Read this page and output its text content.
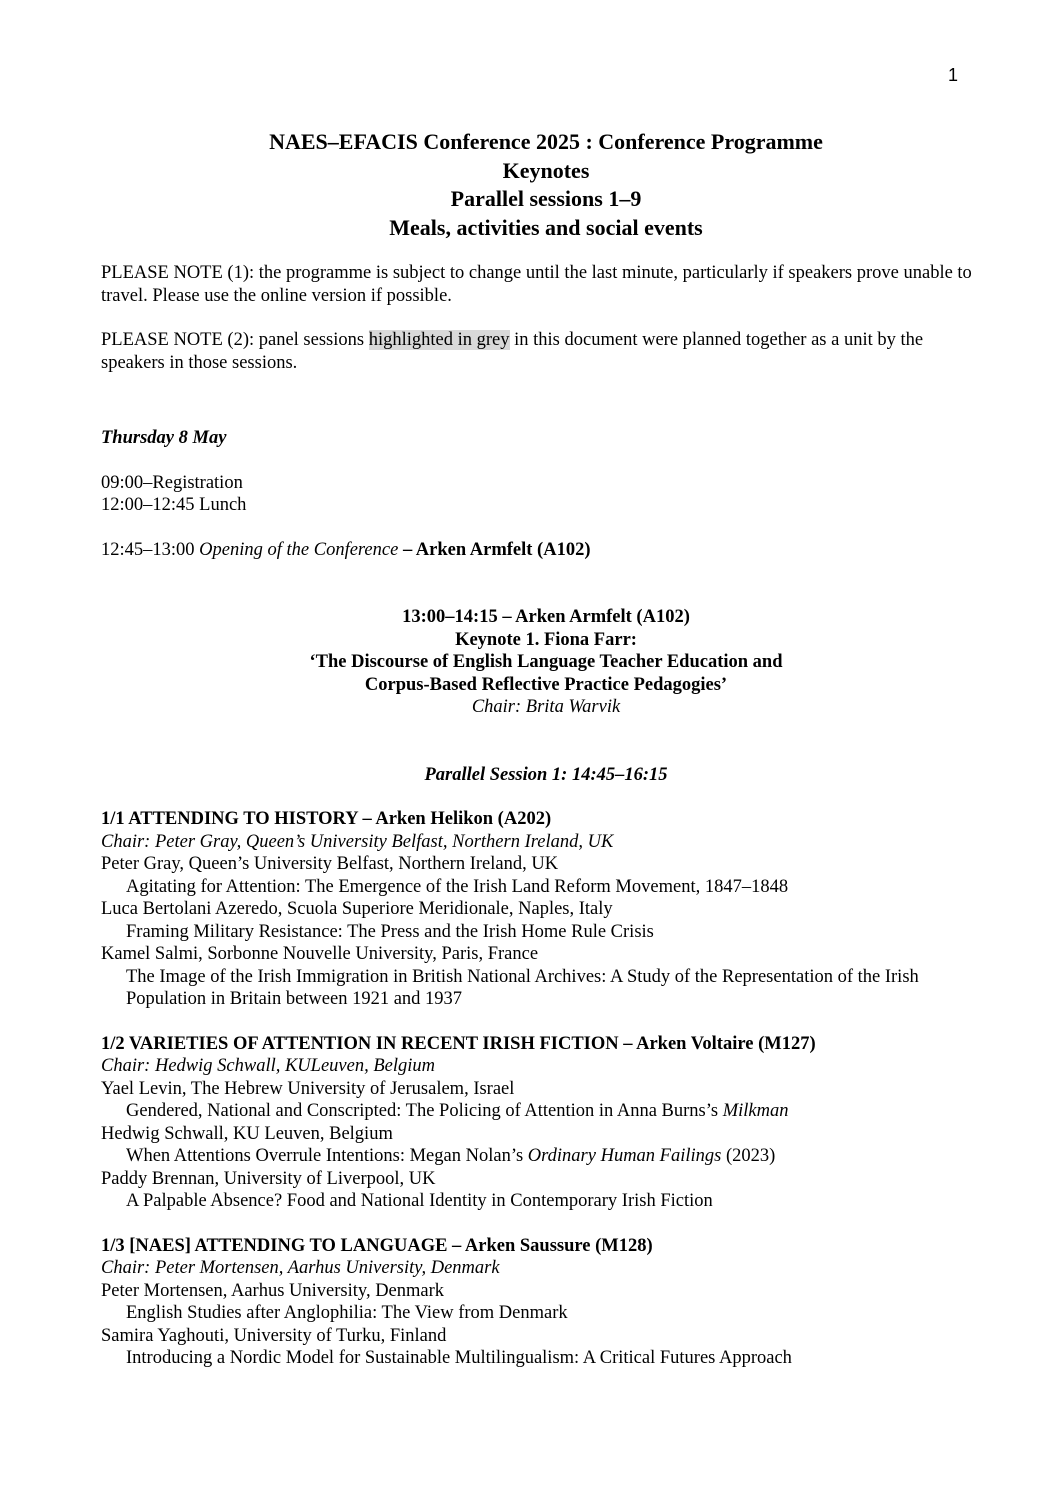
1
NAES–EFACIS Conference 2025 : Conference Programme
Keynotes
Parallel sessions 1–9
Meals, activities and social events

PLEASE NOTE (1): the programme is subject to change until the last minute, particularly if speakers prove unable to travel. Please use the online version if possible.

PLEASE NOTE (2): panel sessions highlighted in grey in this document were planned together as a unit by the speakers in those sessions.

Thursday 8 May

09:00–Registration
12:00–12:45 Lunch

12:45–13:00 Opening of the Conference – Arken Armfelt (A102)

13:00–14:15 – Arken Armfelt (A102)
Keynote 1. Fiona Farr:
‘The Discourse of English Language Teacher Education and
Corpus-Based Reflective Practice Pedagogies’
Chair: Brita Warvik
Parallel Session 1: 14:45–16:15
1/1 ATTENDING TO HISTORY – Arken Helikon (A202)
Chair: Peter Gray, Queen’s University Belfast, Northern Ireland, UK
Peter Gray, Queen’s University Belfast, Northern Ireland, UK
Agitating for Attention: The Emergence of the Irish Land Reform Movement, 1847–1848
Luca Bertolani Azeredo, Scuola Superiore Meridionale, Naples, Italy
Framing Military Resistance: The Press and the Irish Home Rule Crisis
Kamel Salmi, Sorbonne Nouvelle University, Paris, France
The Image of the Irish Immigration in British National Archives: A Study of the Representation of the Irish Population in Britain between 1921 and 1937
1/2 VARIETIES OF ATTENTION IN RECENT IRISH FICTION – Arken Voltaire (M127)
Chair: Hedwig Schwall, KULeuven, Belgium
Yael Levin, The Hebrew University of Jerusalem, Israel
Gendered, National and Conscripted: The Policing of Attention in Anna Burns’s Milkman
Hedwig Schwall, KU Leuven, Belgium
When Attentions Overrule Intentions: Megan Nolan’s Ordinary Human Failings (2023)
Paddy Brennan, University of Liverpool, UK
A Palpable Absence? Food and National Identity in Contemporary Irish Fiction
1/3 [NAES] ATTENDING TO LANGUAGE – Arken Saussure (M128)
Chair: Peter Mortensen, Aarhus University, Denmark
Peter Mortensen, Aarhus University, Denmark
English Studies after Anglophilia: The View from Denmark
Samira Yaghouti, University of Turku, Finland
Introducing a Nordic Model for Sustainable Multilingualism: A Critical Futures Approach
